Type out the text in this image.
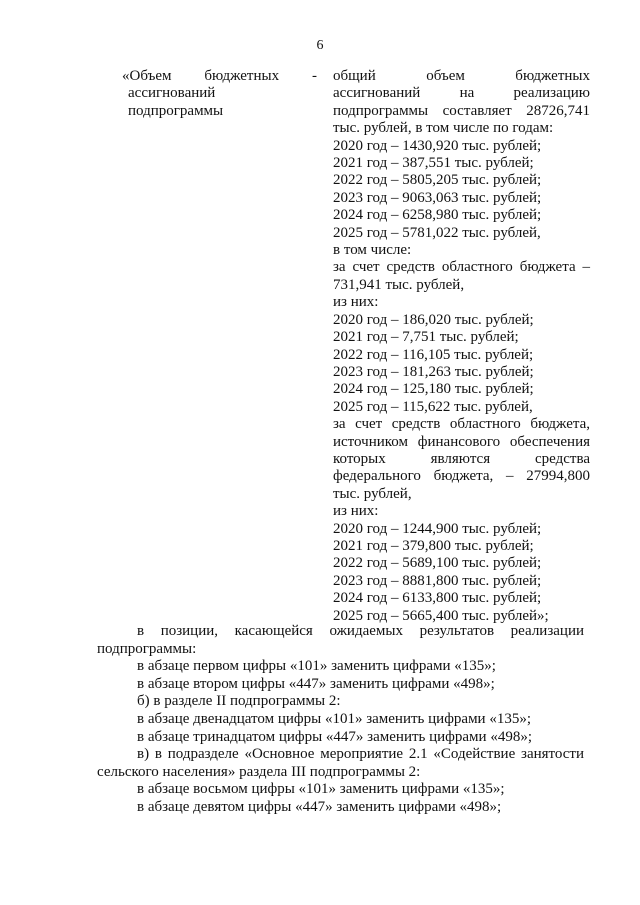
6
«Объем бюджетных -
ассигнований
подпрограммы
общий объем бюджетных
ассигнований на реализацию
подпрограммы составляет 28726,741
тыс. рублей, в том числе по годам:
2020 год – 1430,920 тыс. рублей;
2021 год – 387,551 тыс. рублей;
2022 год – 5805,205 тыс. рублей;
2023 год – 9063,063 тыс. рублей;
2024 год – 6258,980 тыс. рублей;
2025 год – 5781,022 тыс. рублей,
в том числе:
за счет средств областного бюджета –
731,941 тыс. рублей,
из них:
2020 год – 186,020 тыс. рублей;
2021 год – 7,751 тыс. рублей;
2022 год – 116,105 тыс. рублей;
2023 год – 181,263 тыс. рублей;
2024 год – 125,180 тыс. рублей;
2025 год – 115,622 тыс. рублей,
за счет средств областного бюджета,
источником финансового обеспечения
которых являются средства
федерального бюджета, – 27994,800
тыс. рублей,
из них:
2020 год – 1244,900 тыс. рублей;
2021 год – 379,800 тыс. рублей;
2022 год – 5689,100 тыс. рублей;
2023 год – 8881,800 тыс. рублей;
2024 год – 6133,800 тыс. рублей;
2025 год – 5665,400 тыс. рублей»;
в позиции, касающейся ожидаемых результатов реализации
подпрограммы:
в абзаце первом цифры «101» заменить цифрами «135»;
в абзаце втором цифры «447» заменить цифрами «498»;
б) в разделе II подпрограммы 2:
в абзаце двенадцатом цифры «101» заменить цифрами «135»;
в абзаце тринадцатом цифры «447» заменить цифрами «498»;
в) в подразделе «Основное мероприятие 2.1 «Содействие занятости
сельского населения» раздела III подпрограммы 2:
в абзаце восьмом цифры «101» заменить цифрами «135»;
в абзаце девятом цифры «447» заменить цифрами «498»;
